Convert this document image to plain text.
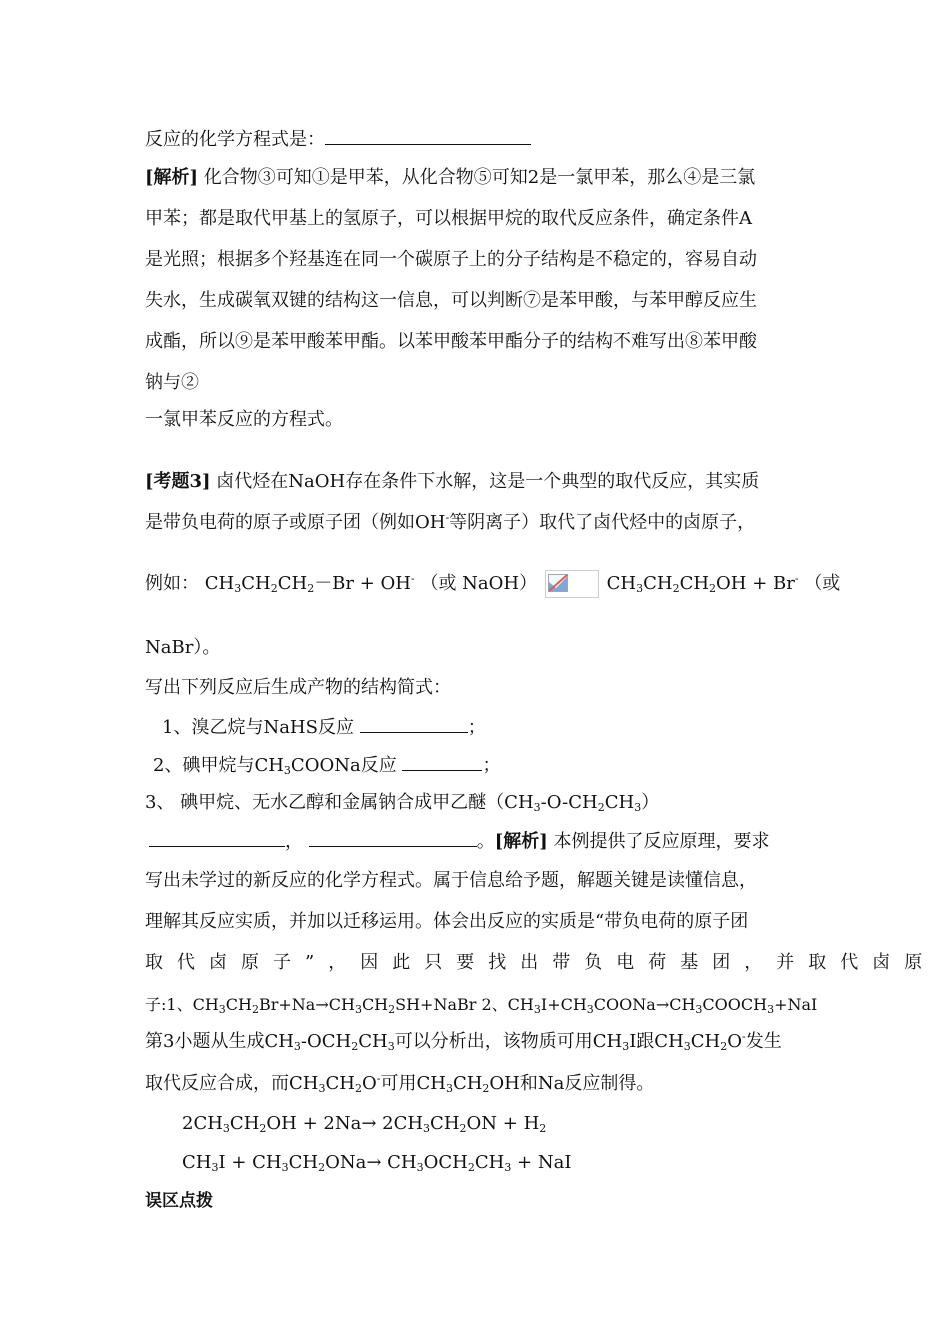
反应的化学方程式是：
[解析] 化合物③可知①是甲苯，从化合物⑤可知2是一氯甲苯，那么④是三氯
甲苯；都是取代甲基上的氢原子，可以根据甲烷的取代反应条件，确定条件A
是光照；根据多个羟基连在同一个碳原子上的分子结构是不稳定的，容易自动
失水，生成碳氧双键的结构这一信息，可以判断⑦是苯甲酸，与苯甲醇反应生
成酯，所以⑨是苯甲酸苯甲酯。以苯甲酸苯甲酯分子的结构不难写出⑧苯甲酸
钠与②
一氯甲苯反应的方程式。
[考题3] 卤代烃在NaOH存在条件下水解，这是一个典型的取代反应，其实质
是带负电荷的原子或原子团（例如OH-等阴离子）取代了卤代烃中的卤原子，
例如： $CH_3CH_2CH_2-Br + OH^-$ （或 NaOH）	$CH_3CH_2CH_2OH + Br^-$ （或
NaBr）。
写出下列反应后生成产物的结构简式：
1、溴乙烷与NaHS反应	；
2、碘甲烷与$CH_3COONa$反应	；
3、 碘甲烷、无水乙醇和金属钠合成甲乙醚$(CH_3-O-CH_2CH_3)$
，	。[解析] 本例提供了反应原理，要求
写出未学过的新反应的化学方程式。属于信息给予题，解题关键是读懂信息，
理解其反应实质，并加以迁移运用。体会出反应的实质是“带负电荷的原子团
取代卤原子”，因此只要找出带负电荷基团，并取代卤原
子:1、$CH_3CH_2Br+Na\to CH_3CH_2SH+NaBr$ 2、$CH_3I+CH_3COONa\to CH_3COOCH_3+NaI$
第3小题从生成$CH_3-OCH_2CH_3$可以分析出，该物质可用$CH_3I$跟$CH_3CH_2O^-$发生
取代反应合成，而$CH_3CH_2O^-$可用$CH_3CH_2OH$和Na反应制得。
$2CH_3CH_2OH + 2Na\to 2CH_3CH_2ON + H_2$
$CH_3I + CH_3CH_2ONa\to CH_3OCH_2CH_3$ + NaI
误区点拨
